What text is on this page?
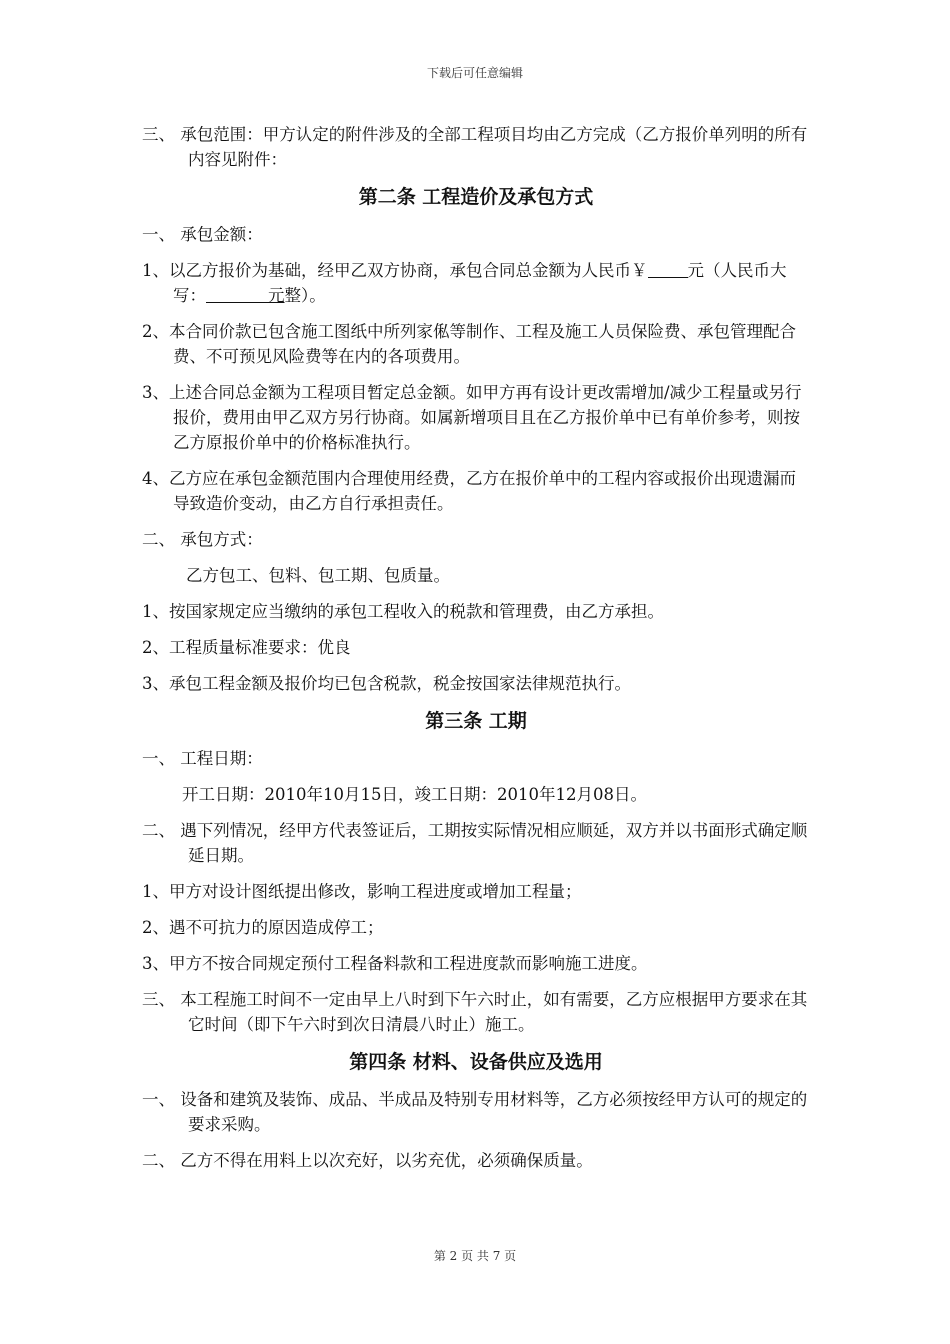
下载后可任意编辑

三、 承包范围：甲方认定的附件涉及的全部工程项目均由乙方完成（乙方报价单列明的所有内容见附件：

第二条 工程造价及承包方式

一、 承包金额：

1、以乙方报价为基础，经甲乙双方协商，承包合同总金额为人民币￥ 元（人民币大写：	元整）。

2、本合同价款已包含施工图纸中所列家俬等制作、工程及施工人员保险费、承包管理配合费、不可预见风险费等在内的各项费用。

3、上述合同总金额为工程项目暂定总金额。如甲方再有设计更改需增加/减少工程量或另行报价，费用由甲乙双方另行协商。如属新增项目且在乙方报价单中已有单价参考，则按乙方原报价单中的价格标准执行。

4、乙方应在承包金额范围内合理使用经费，乙方在报价单中的工程内容或报价出现遗漏而导致造价变动，由乙方自行承担责任。

二、 承包方式：

乙方包工、包料、包工期、包质量。

1、按国家规定应当缴纳的承包工程收入的税款和管理费，由乙方承担。

2、工程质量标准要求：优良

3、承包工程金额及报价均已包含税款，税金按国家法律规范执行。

第三条 工期

一、 工程日期：

开工日期：2010年10月15日，竣工日期：2010年12月08日。

二、 遇下列情况，经甲方代表签证后，工期按实际情况相应顺延，双方并以书面形式确定顺延日期。

1、甲方对设计图纸提出修改，影响工程进度或增加工程量；

2、遇不可抗力的原因造成停工；

3、甲方不按合同规定预付工程备料款和工程进度款而影响施工进度。

三、 本工程施工时间不一定由早上八时到下午六时止，如有需要，乙方应根据甲方要求在其它时间（即下午六时到次日清晨八时止）施工。

第四条 材料、设备供应及选用

一、 设备和建筑及装饰、成品、半成品及特别专用材料等，乙方必须按经甲方认可的规定的要求采购。

二、 乙方不得在用料上以次充好，以劣充优，必须确保质量。

第 2 页 共 7 页
